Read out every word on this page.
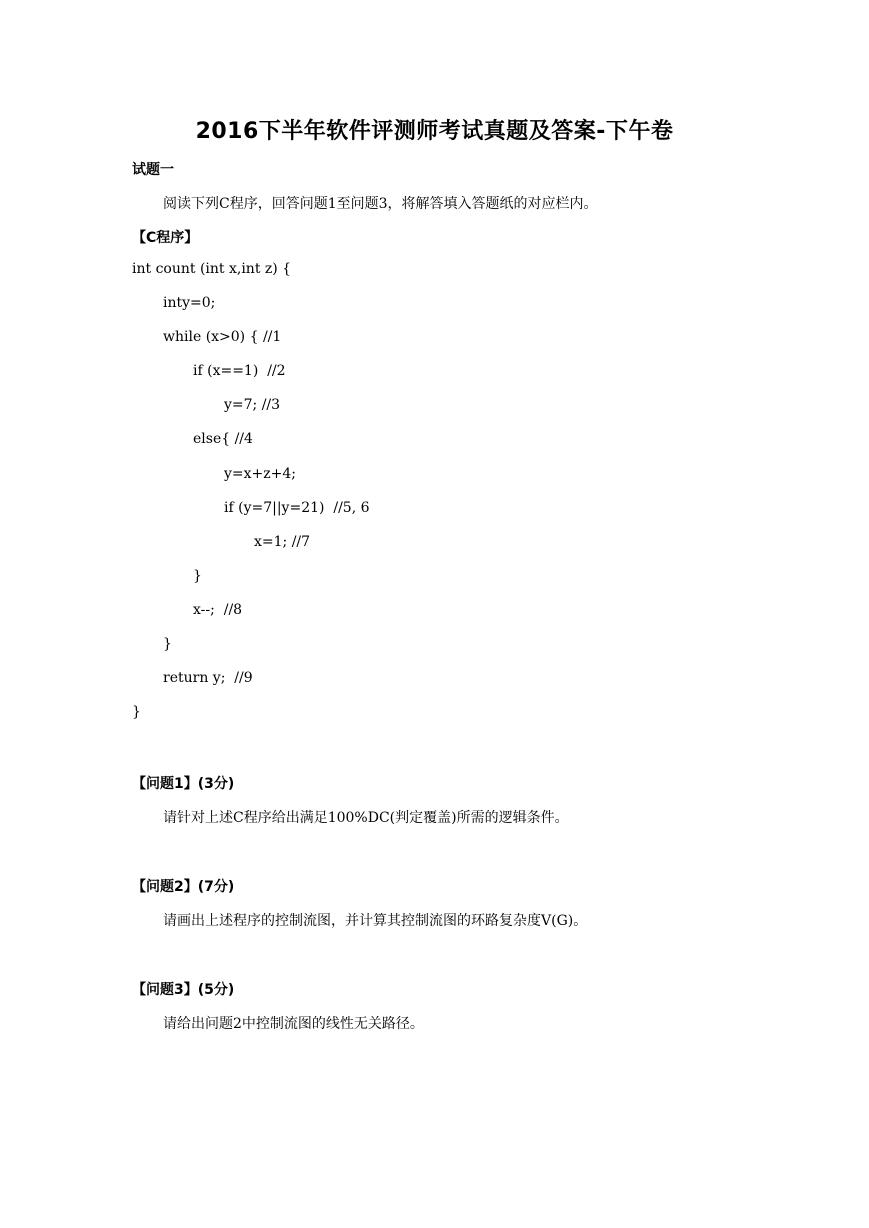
2016下半年软件评测师考试真题及答案-下午卷
试题一
阅读下列C程序，回答问题1至问题3，将解答填入答题纸的对应栏内。
【C程序】
int count (int x,int z) {
inty=0;
while (x>0) { //1
if (x==1)  //2
y=7; //3
else{ //4
y=x+z+4;
if (y=7||y=21)  //5, 6
x=1; //7
}
x--;  //8
}
return y;  //9
}
【问题1】(3分)
请针对上述C程序给出满足100%DC(判定覆盖)所需的逻辑条件。
【问题2】(7分)
请画出上述程序的控制流图，并计算其控制流图的环路复杂度V(G)。
【问题3】(5分)
请给出问题2中控制流图的线性无关路径。
